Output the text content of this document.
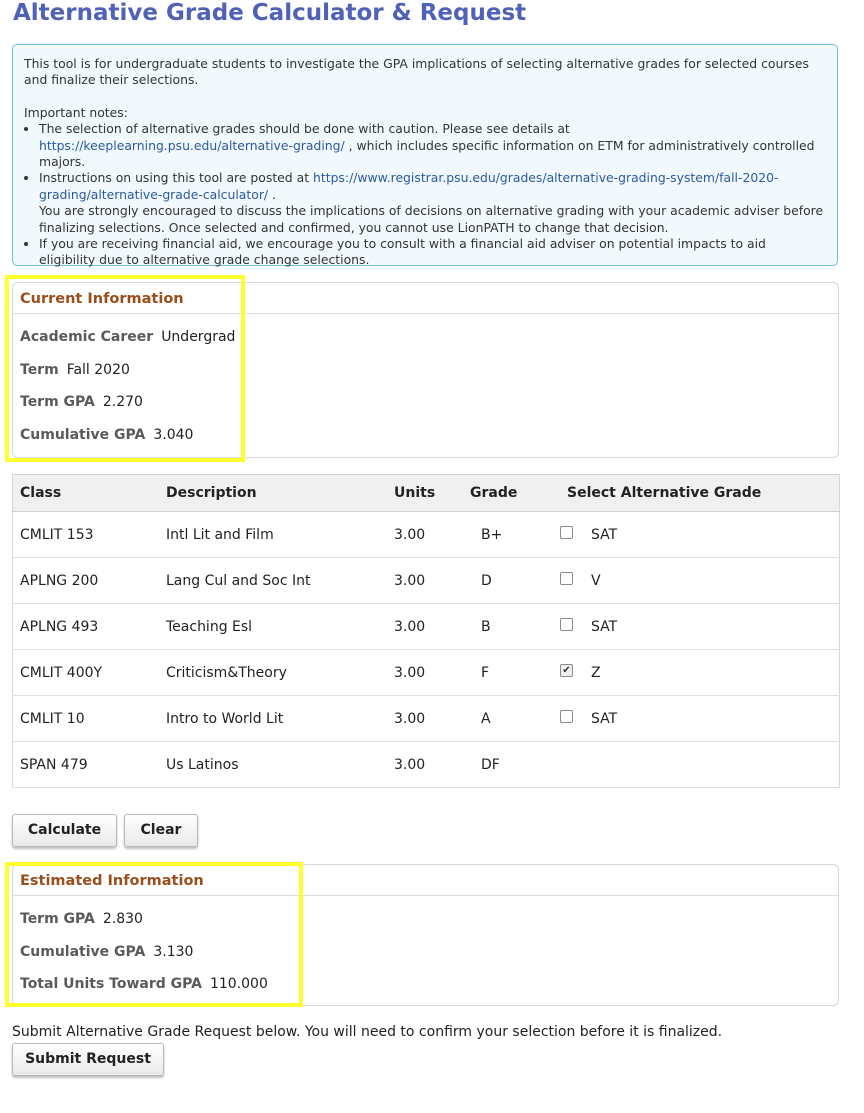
Alternative Grade Calculator & Request

This tool is for undergraduate students to investigate the GPA implications of selecting alternative grades for selected courses and finalize their selections.

Important notes:

• The selection of alternative grades should be done with caution. Please see details at https://keeplearning.psu.edu/alternative-grading/ , which includes specific information on ETM for administratively controlled majors.
• Instructions on using this tool are posted at https://www.registrar.psu.edu/grades/alternative-grading-system/fall-2020-grading/alternative-grade-calculator/ .
You are strongly encouraged to discuss the implications of decisions on alternative grading with your academic adviser before finalizing selections. Once selected and confirmed, you cannot use LionPATH to change that decision.
• If you are receiving financial aid, we encourage you to consult with a financial aid adviser on potential impacts to aid eligibility due to alternative grade change selections.
Current Information
Academic Career Undergrad
Term Fall 2020
Term GPA 2.270
Cumulative GPA 3.040
Class	Description	Units	Grade	Select Alternative Grade
CMLIT 153	Intl Lit and Film	3.00	B+	SAT
APLNG 200	Lang Cul and Soc Int	3.00	D	V
APLNG 493	Teaching Esl	3.00	B	SAT
CMLIT 400Y	Criticism&Theory	3.00	F	✔ Z
CMLIT 10	Intro to World Lit	3.00	A	SAT
SPAN 479	Us Latinos	3.00	DF	
Calculate	Clear
Estimated Information
Term GPA 2.830
Cumulative GPA 3.130
Total Units Toward GPA 110.000
Submit Alternative Grade Request below. You will need to confirm your selection before it is finalized.
Submit Request
